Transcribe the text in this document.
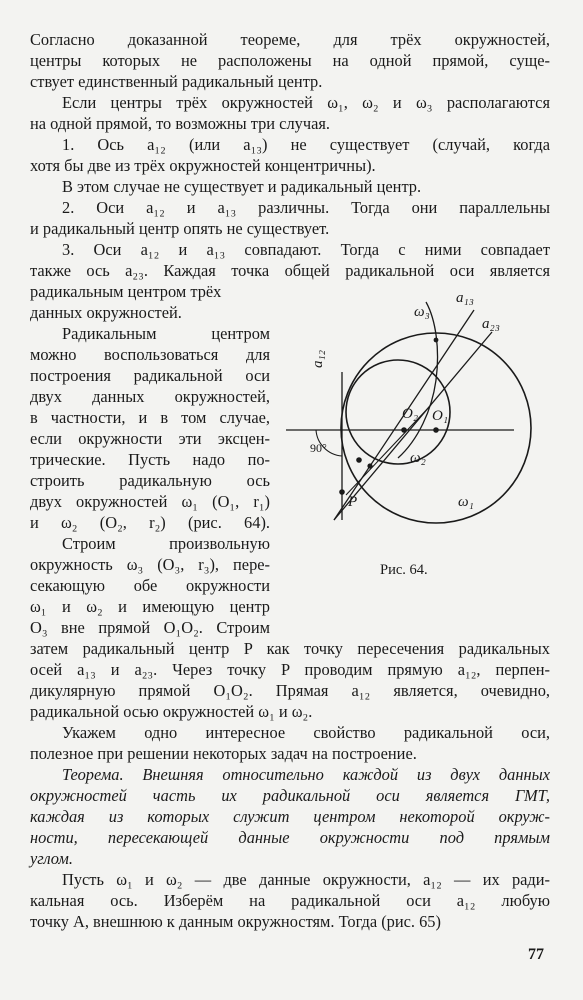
Согласно доказанной теореме, для трёх окружностей,
центры которых не расположены на одной прямой, суще-
ствует единственный радикальный центр.
Если центры трёх окружностей ω₁, ω₂ и ω₃ располагаются
на одной прямой, то возможны три случая.
1. Ось a₁₂ (или a₁₃) не существует (случай, когда
хотя бы две из трёх окружностей концентричны).
В этом случае не существует и радикальный центр.
2. Оси a₁₂ и a₁₃ различны. Тогда они параллельны
и радикальный центр опять не существует.
3. Оси a₁₂ и a₁₃ совпадают. Тогда с ними совпадает
также ось a₂₃. Каждая точка общей радикальной оси является
радикальным центром трёх
данных окружностей.
Радикальным центром
можно воспользоваться для
построения радикальной оси
двух данных окружностей,
в частности, и в том случае,
если окружности эти эксцен-
трические. Пусть надо по-
строить радикальную ось
двух окружностей ω₁ (O₁, r₁)
и ω₂ (O₂, r₂) (рис. 64).
Строим произвольную
окружность ω₃ (O₃, r₃), пере-
секающую обе окружности
ω₁ и ω₂ и имеющую центр
O₃ вне прямой O₁O₂. Строим
затем радикальный центр P как точку пересечения радикальных
осей a₁₃ и a₂₃. Через точку P проводим прямую a₁₂, перпен-
дикулярную прямой O₁O₂. Прямая a₁₂ является, очевидно,
радикальной осью окружностей ω₁ и ω₂.
Укажем одно интересное свойство радикальной оси,
полезное при решении некоторых задач на построение.
Теорема. Внешняя относительно каждой из двух данных
окружностей часть их радикальной оси является ГМТ,
каждая из которых служит центром некоторой окруж-
ности, пересекающей данные окружности под прямым
углом.
Пусть ω₁ и ω₂ — две данные окружности, a₁₂ — их ради-
кальная ось. Изберём на радикальной оси a₁₂ любую
точку A, внешнюю к данным окружностям. Тогда (рис. 65)
77
a₁₂
a₁₃
a₂₃
ω₃
O₂ O₁
ω₂
ω₁
P
90°
Рис. 64.
